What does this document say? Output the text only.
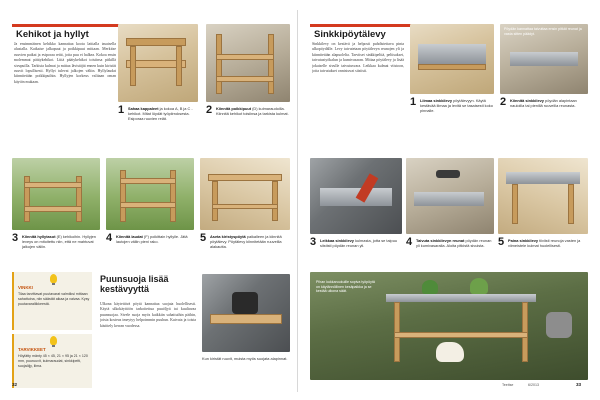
Kehikot ja hyllyt
Ja ensimmäinen kehikko kannattaa koota lattialla tasaisella alustalla. Katkaise jalkapuut ja poikkipuut mittaan. Merkitse ruuvien paikat ja esiporaa reiät, jotta puu ei halkea. Kokoa ensin molemmat päätykehikot. Liitä päätykehikot toisiinsa pitkillä sivupuilla. Tarkista kulmat ja mittaa lävistäjät ennen kuin kiristät ruuvit lopullisesti. Hyllyt tulevat jalkojen väliin. Hyllylaudat kiinnitetään poikkipuihin. Hyllyjen korkeus valitaan oman käytön mukaan.
1 Sahaa kappaleet ja kokoa A, B ja C -kehikot. Mitat löydät työpiirroksesta. Esiporaa ruuvien reiät.
2 Kiinnitä poikkipuut (D) kulmaraudoilla. Kiinnitä kehikot toisiinsa ja tarkista kulmat.
3 Kiinnitä hyllytasot (E) kehikoihin. Hyllyjen leveys on mitoitettu niin, että ne mahtuvat jalkojen väliin.
4 Kiinnitä laudat (F) poikittain hyllylle. Jätä lautojen väliin pieni rako.	5 Aseta kiristyspöytä paikalleen ja kiinnitä pöytälevy. Pöytälevy kiinnitetään ruuveilla alakautta.
VINKKI
Tilaa tarvittavat puutavarat valmiiksi mittaan sahattuina, niin säästät aikaa ja vaivaa. Kysy puutavaraliikkeestä.
TARVIKKEET
Höylätty mänty 45 × 45, 21 × 95 ja 21 × 120 mm, puuruuvit, kulmaraudat, sinkkipelti, suojaöljy, liima.
Puunsuoja lisää kestävyyttä
Ulkona käytettävä pöytä kannattaa suojata huolellisesti. Käytä ulkokäyttöön tarkoitettua puuöljyä tai kuultavaa puunsuojaa. Sivele suoja myös kaikkiin sahattuihin päihin, joista kosteus imeytyy helpoimmin puuhun. Kuivata ja toista käsittely kerran vuodessa.
Kun kiristät ruuvit, muista myös suojata alapinnat.
32
Sinkkipöytälevy
Sinkkilevy on kestävä ja helposti puhdistettava pinta ulkopöydälle. Levy taivutetaan pöytälevyn reunojen yli ja kiinnitetään alapuolelta. Tarvitset sinkkipeltiä, peltisakset, taivutustyökalun ja kumivasaran. Mittaa pöytälevy ja lisää jokaiselle sivulle taivutusvara. Leikkaa kulmat viistoon, jotta taivutukset onnistuvat siististi.
1 Liimaa sinkkilevy pöytälevyyn. Käytä kestävää liimaa ja levitä se tasaisesti koko pinnalle.
Pöydän kannattaa taivuttaa ensin pitkät reunat ja vasta sitten päädyt.
2 Kiinnitä sinkkilevy pöydän alapintaan nauloilla tai pienillä ruuveilla reunasta.
3 Leikkaa sinkkilevy kulmasta, jotta se taipuu siististi pöydän reunan yli.	4 Taivuta sinkkilevyn reunat pöydän reunan yli kumivasaralla. Aloita pitkistä sivuista.	5 Paina sinkkilevy tiiviisti reunoja vasten ja viimeistele kulmat huolellisesti.
Pihan kukkaruukuille sopiva työpöytä on käytännöllinen kesäpaikka ja se kestää ulkona säät.
Teeitse	6/2013	33
